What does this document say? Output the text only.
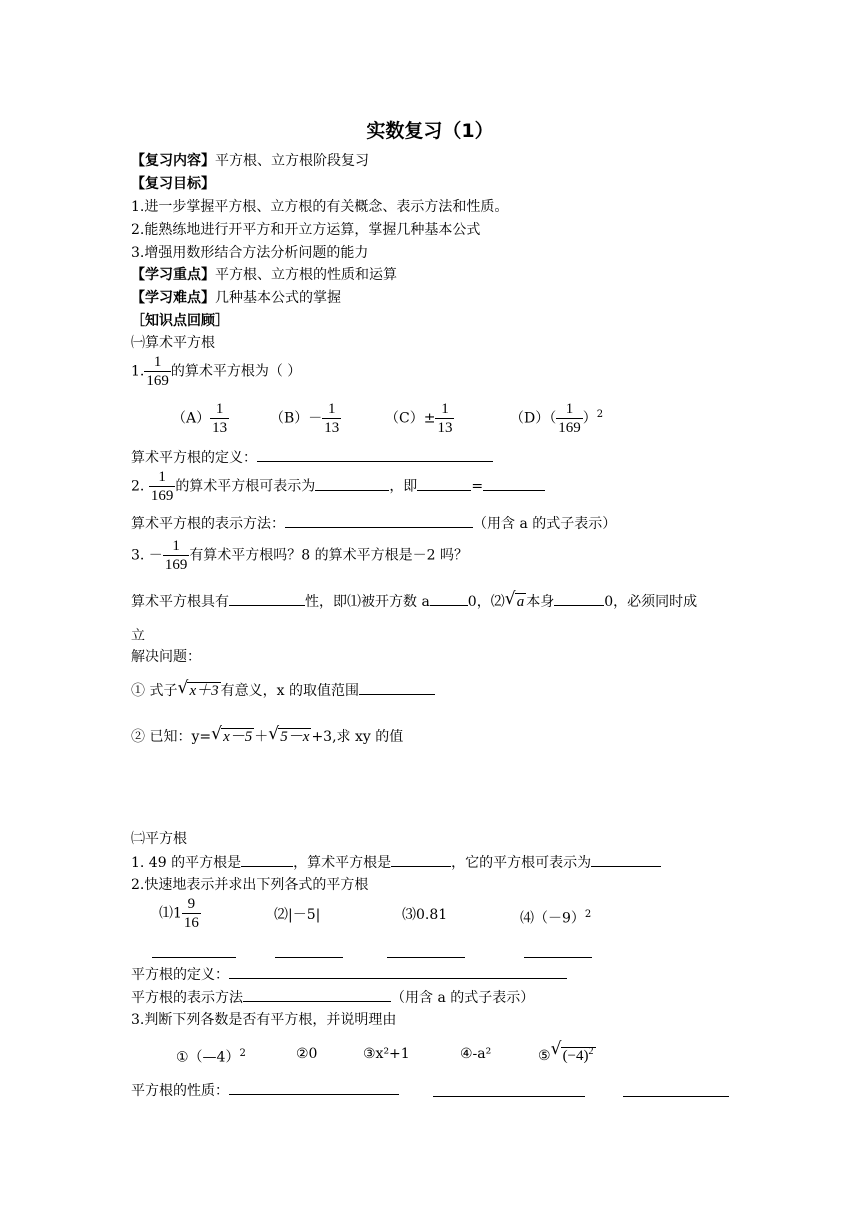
实数复习（1）
【复习内容】平方根、立方根阶段复习
【复习目标】
1.进一步掌握平方根、立方根的有关概念、表示方法和性质。
2.能熟练地进行开平方和开立方运算，掌握几种基本公式
3.增强用数形结合方法分析问题的能力
【学习重点】平方根、立方根的性质和运算
【学习难点】几种基本公式的掌握
［知识点回顾］
㈠算术平方根
1. $\frac{1}{169}$ 的算术平方根为（ ）
$(A) \frac{1}{13}$	$(B)- \frac{1}{13}$	$(C)\pm \frac{1}{13}$	$(D)( \frac{1}{169} )^2$
算术平方根的定义：
2. $\frac{1}{169}$ 的算术平方根可表示为	，即	=
算术平方根的表示方法：	（用含 a 的式子表示）
3. － $\frac{1}{169}$ 有算术平方根吗？8 的算术平方根是－2 吗？
算术平方根具有	性，即⑴被开方数 a	0，⑵ √ a 本身	0，必须同时成
立
解决问题：
① 式子 √ x＋3 有意义，x 的取值范围
② 已知：y= √ x－5 ＋ √ 5－x +3,求 xy 的值
㈡平方根
1. 49 的平方根是	，算术平方根是	，它的平方根可表示为
2.快速地表示并求出下列各式的平方根
⑴1 $\frac{9}{16}$	⑵|－5|	⑶0.81	$⑷(-9)^2$
平方根的定义：
平方根的表示方法	（用含 a 的式子表示）
3.判断下列各数是否有平方根，并说明理由
①（—4）$^2$	②0	③x²+1	④-a²	⑤ √ $(-4)^2$
平方根的性质：
